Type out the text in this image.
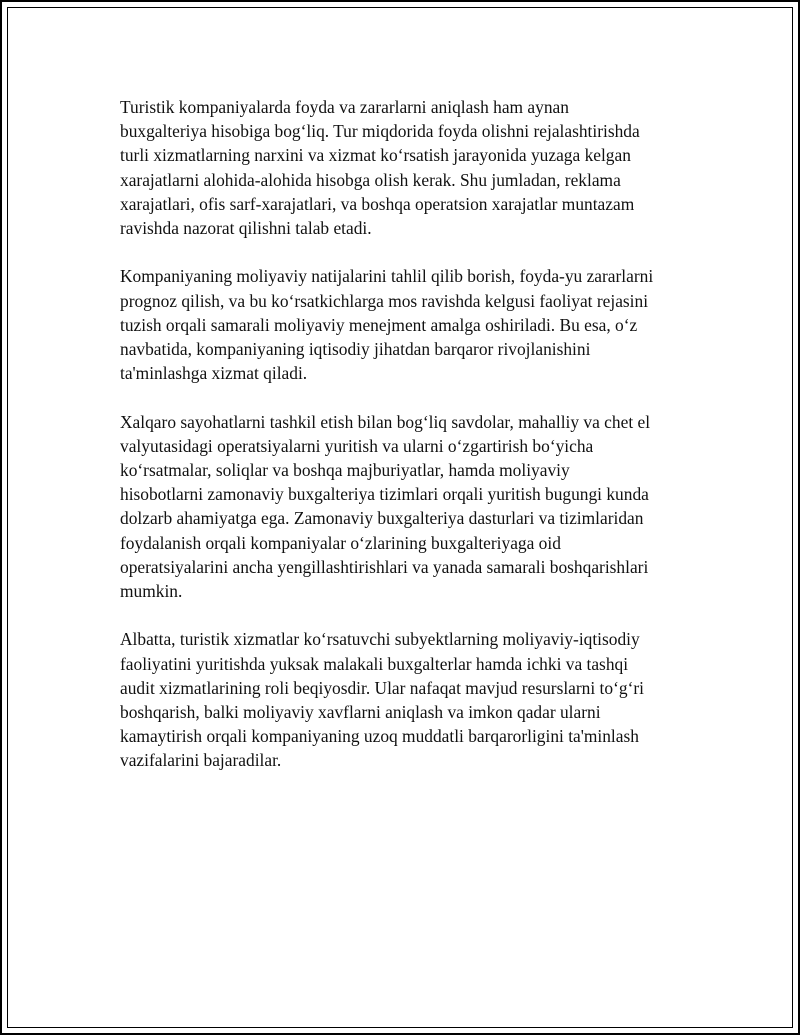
Turistik kompaniyalarda foyda va zararlarni aniqlash ham aynan
buxgalteriya hisobiga bog‘liq. Tur miqdorida foyda olishni rejalashtirishda
turli xizmatlarning narxini va xizmat ko‘rsatish jarayonida yuzaga kelgan
xarajatlarni alohida-alohida hisobga olish kerak. Shu jumladan, reklama
xarajatlari, ofis sarf-xarajatlari, va boshqa operatsion xarajatlar muntazam
ravishda nazorat qilishni talab etadi.

Kompaniyaning moliyaviy natijalarini tahlil qilib borish, foyda-yu zararlarni
prognoz qilish, va bu ko‘rsatkichlarga mos ravishda kelgusi faoliyat rejasini
tuzish orqali samarali moliyaviy menejment amalga oshiriladi. Bu esa, o‘z
navbatida, kompaniyaning iqtisodiy jihatdan barqaror rivojlanishini
ta'minlashga xizmat qiladi.

Xalqaro sayohatlarni tashkil etish bilan bog‘liq savdolar, mahalliy va chet el
valyutasidagi operatsiyalarni yuritish va ularni o‘zgartirish bo‘yicha
ko‘rsatmalar, soliqlar va boshqa majburiyatlar, hamda moliyaviy
hisobotlarni zamonaviy buxgalteriya tizimlari orqali yuritish bugungi kunda
dolzarb ahamiyatga ega. Zamonaviy buxgalteriya dasturlari va tizimlaridan
foydalanish orqali kompaniyalar o‘zlarining buxgalteriyaga oid
operatsiyalarini ancha yengillashtirishlari va yanada samarali boshqarishlari
mumkin.

Albatta, turistik xizmatlar ko‘rsatuvchi subyektlarning moliyaviy-iqtisodiy
faoliyatini yuritishda yuksak malakali buxgalterlar hamda ichki va tashqi
audit xizmatlarining roli beqiyosdir. Ular nafaqat mavjud resurslarni to‘g‘ri
boshqarish, balki moliyaviy xavflarni aniqlash va imkon qadar ularni
kamaytirish orqali kompaniyaning uzoq muddatli barqarorligini ta'minlash
vazifalarini bajaradilar.
